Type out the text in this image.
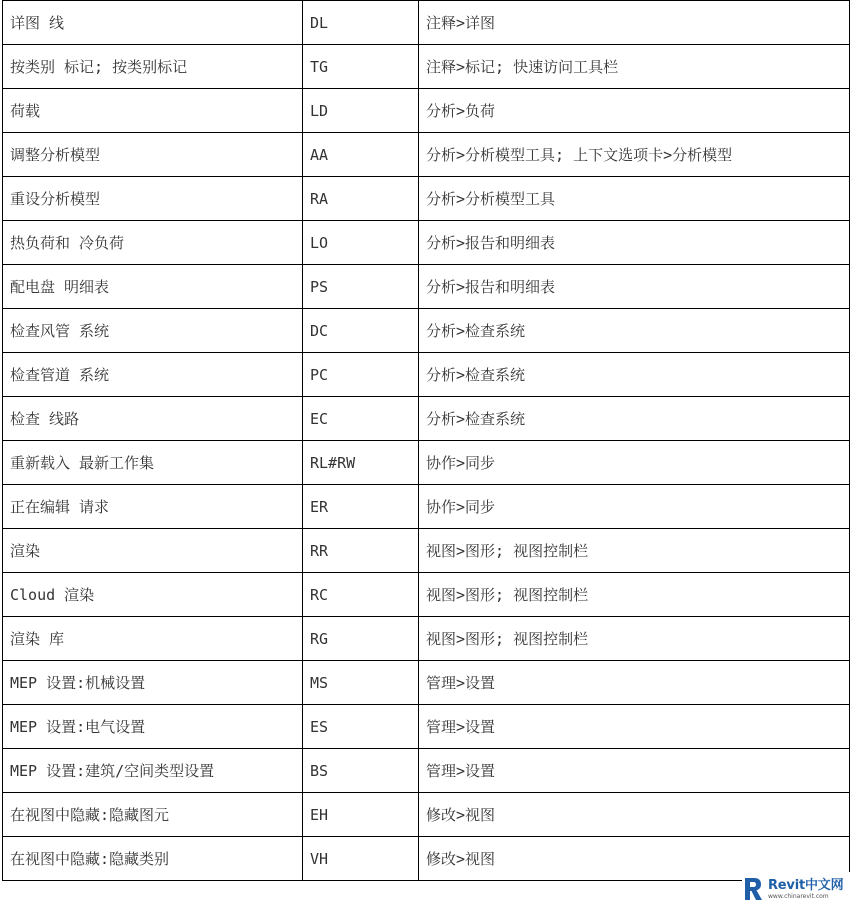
详图 线	DL	注释>详图
按类别 标记; 按类别标记	TG	注释>标记; 快速访问工具栏
荷载	LD	分析>负荷
调整分析模型	AA	分析>分析模型工具; 上下文选项卡>分析模型
重设分析模型	RA	分析>分析模型工具
热负荷和 冷负荷	LO	分析>报告和明细表
配电盘 明细表	PS	分析>报告和明细表
检查风管 系统	DC	分析>检查系统
检查管道 系统	PC	分析>检查系统
检查 线路	EC	分析>检查系统
重新载入 最新工作集	RL#RW	协作>同步
正在编辑 请求	ER	协作>同步
渲染	RR	视图>图形; 视图控制栏
Cloud 渲染	RC	视图>图形; 视图控制栏
渲染 库	RG	视图>图形; 视图控制栏
MEP 设置:机械设置	MS	管理>设置
MEP 设置:电气设置	ES	管理>设置
MEP 设置:建筑/空间类型设置	BS	管理>设置
在视图中隐藏:隐藏图元	EH	修改>视图
在视图中隐藏:隐藏类别	VH	修改>视图
Revit中文网
www.chinarevit.com
